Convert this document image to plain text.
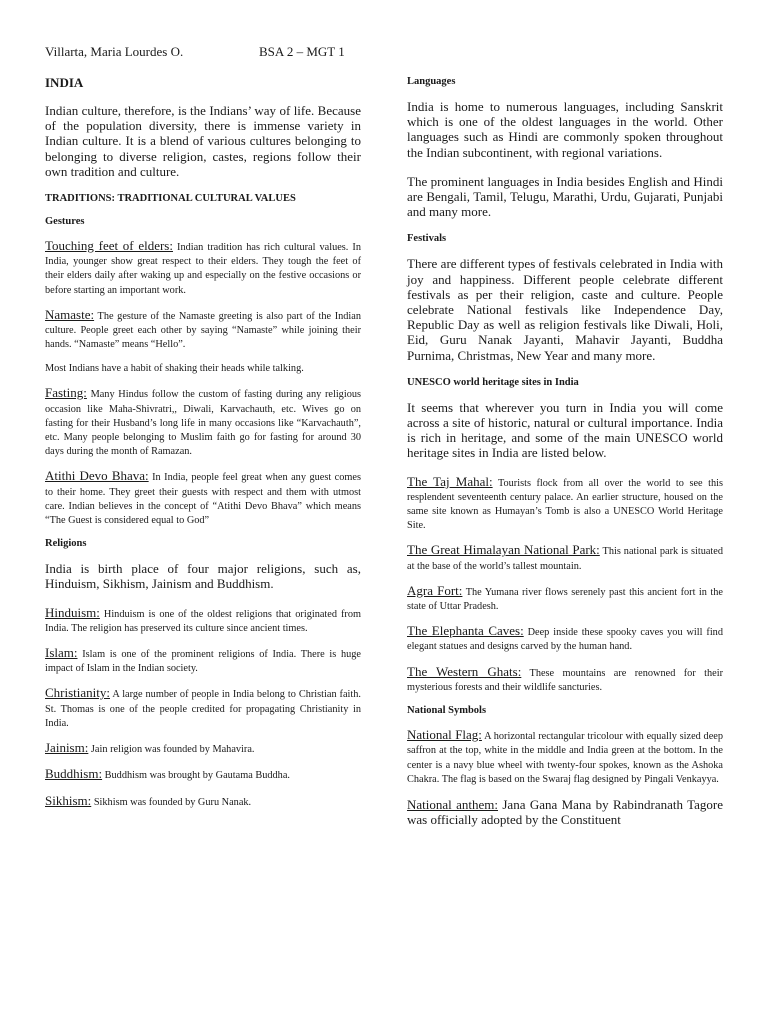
Villarta, Maria Lourdes O.	BSA 2 – MGT 1
INDIA

Indian culture, therefore, is the Indians’ way of life. Because of the population diversity, there is immense variety in Indian culture. It is a blend of various cultures belonging to belonging to diverse religion, castes, regions follow their own tradition and culture.

TRADITIONS: TRADITIONAL CULTURAL VALUES
Gestures

Touching feet of elders: Indian tradition has rich cultural values. In India, younger show great respect to their elders. They tough the feet of their elders daily after waking up and especially on the festive occasions or before starting an important work.

Namaste: The gesture of the Namaste greeting is also part of the Indian culture. People greet each other by saying “Namaste” while joining their hands. “Namaste” means “Hello”.

Most Indians have a habit of shaking their heads while talking.

Fasting: Many Hindus follow the custom of fasting during any religious occasion like Maha-Shivratri,, Diwali, Karvachauth, etc. Wives go on fasting for their Husband’s long life in many occasions like “Karvachauth”, etc. Many people belonging to Muslim faith go for fasting for around 30 days during the month of Ramazan.

Atithi Devo Bhava: In India, people feel great when any guest comes to their home. They greet their guests with respect and them with utmost care. Indian believes in the concept of “Atithi Devo Bhava” which means “The Guest is considered equal to God”

Religions

India is birth place of four major religions, such as, Hinduism, Sikhism, Jainism and Buddhism.

Hinduism: Hinduism is one of the oldest religions that originated from India. The religion has preserved its culture since ancient times.

Islam: Islam is one of the prominent religions of India. There is huge impact of Islam in the Indian society.

Christianity: A large number of people in India belong to Christian faith. St. Thomas is one of the people credited for propagating Christianity in India.

Jainism: Jain religion was founded by Mahavira.

Buddhism: Buddhism was brought by Gautama Buddha.

Sikhism: Sikhism was founded by Guru Nanak.

Languages

India is home to numerous languages, including Sanskrit which is one of the oldest languages in the world. Other languages such as Hindi are commonly spoken throughout the Indian subcontinent, with regional variations.

The prominent languages in India besides English and Hindi are Bengali, Tamil, Telugu, Marathi, Urdu, Gujarati, Punjabi and many more.

Festivals

There are different types of festivals celebrated in India with joy and happiness. Different people celebrate different festivals as per their religion, caste and culture. People celebrate National festivals like Independence Day, Republic Day as well as religion festivals like Diwali, Holi, Eid, Guru Nanak Jayanti, Mahavir Jayanti, Buddha Purnima, Christmas, New Year and many more.

UNESCO world heritage sites in India

It seems that wherever you turn in India you will come across a site of historic, natural or cultural importance. India is rich in heritage, and some of the main UNESCO world heritage sites in India are listed below.

The Taj Mahal: Tourists flock from all over the world to see this resplendent seventeenth century palace. An earlier structure, housed on the same site known as Humayan’s Tomb is also a UNESCO World Heritage Site.

The Great Himalayan National Park: This national park is situated at the base of the world’s tallest mountain.

Agra Fort: The Yumana river flows serenely past this ancient fort in the state of Uttar Pradesh.

The Elephanta Caves: Deep inside these spooky caves you will find elegant statues and designs carved by the human hand.

The Western Ghats: These mountains are renowned for their mysterious forests and their wildlife sancturies.

National Symbols

National Flag: A horizontal rectangular tricolour with equally sized deep saffron at the top, white in the middle and India green at the bottom. In the center is a navy blue wheel with twenty-four spokes, known as the Ashoka Chakra. The flag is based on the Swaraj flag designed by Pingali Venkayya.

National anthem: Jana Gana Mana by Rabindranath Tagore was officially adopted by the Constituent
